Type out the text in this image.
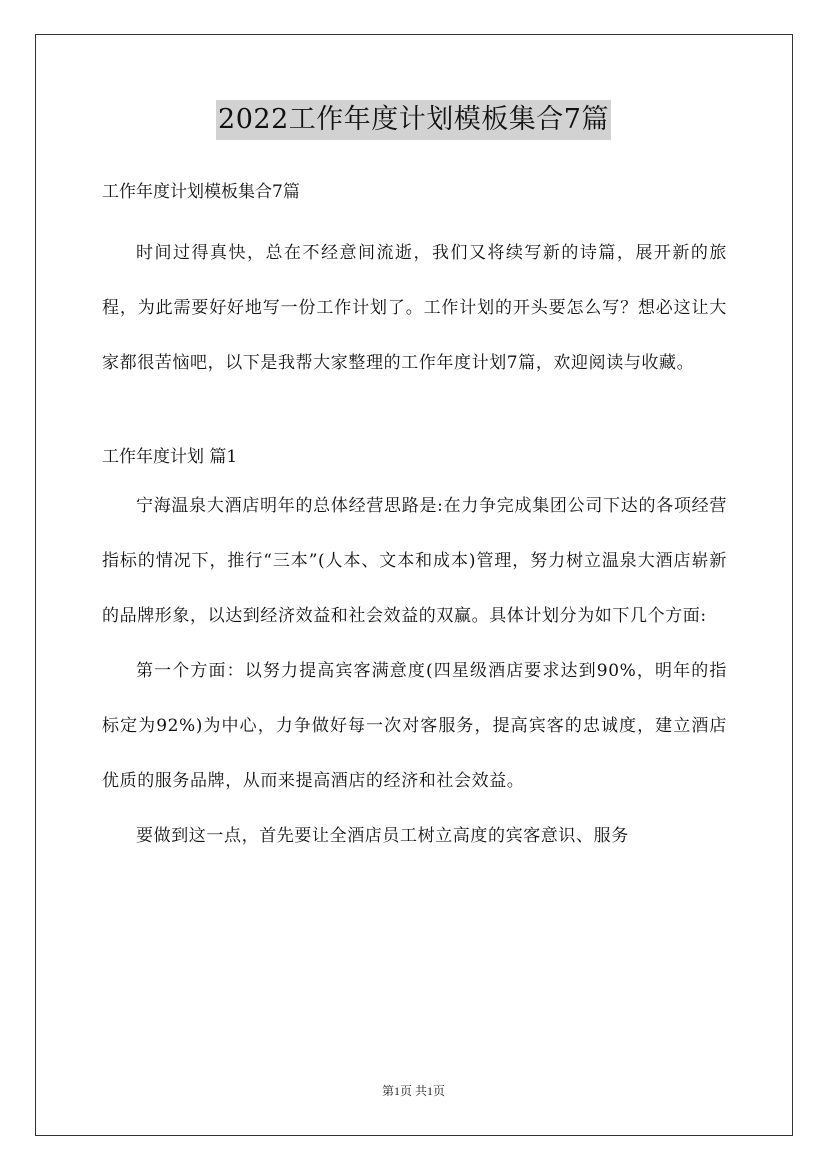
2022工作年度计划模板集合7篇

工作年度计划模板集合7篇

时间过得真快，总在不经意间流逝，我们又将续写新的诗篇，展开新的旅程，为此需要好好地写一份工作计划了。工作计划的开头要怎么写？想必这让大家都很苦恼吧，以下是我帮大家整理的工作年度计划7篇，欢迎阅读与收藏。

工作年度计划 篇1

宁海温泉大酒店明年的总体经营思路是:在力争完成集团公司下达的各项经营指标的情况下，推行“三本”(人本、文本和成本)管理，努力树立温泉大酒店崭新的品牌形象，以达到经济效益和社会效益的双赢。具体计划分为如下几个方面:

第一个方面：以努力提高宾客满意度(四星级酒店要求达到90%，明年的指标定为92%)为中心，力争做好每一次对客服务，提高宾客的忠诚度，建立酒店优质的服务品牌，从而来提高酒店的经济和社会效益。

要做到这一点，首先要让全酒店员工树立高度的宾客意识、服务

第1页 共1页
